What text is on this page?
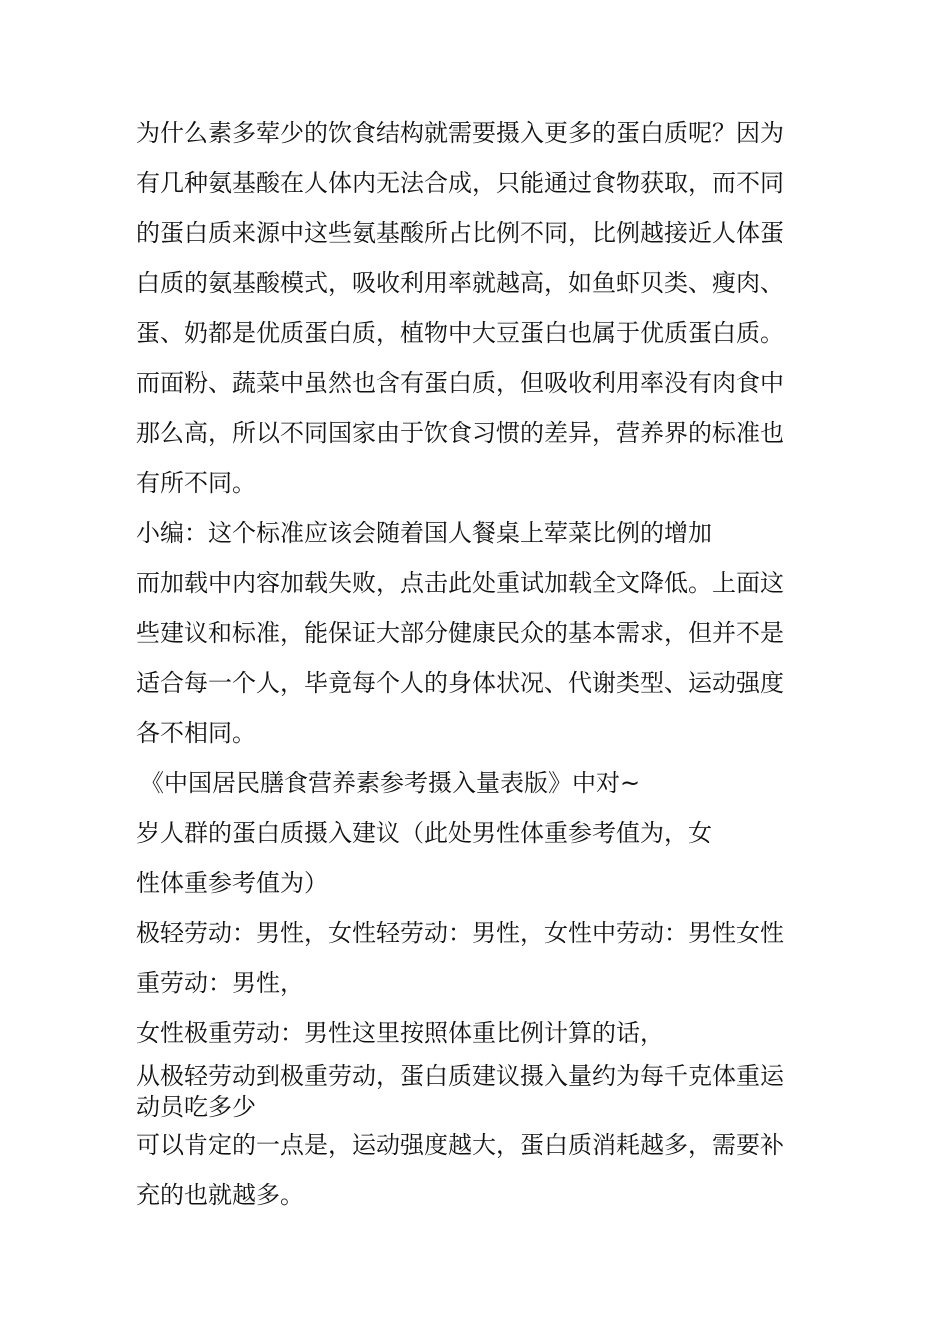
为什么素多荤少的饮食结构就需要摄入更多的蛋白质呢？因为
有几种氨基酸在人体内无法合成，只能通过食物获取，而不同
的蛋白质来源中这些氨基酸所占比例不同，比例越接近人体蛋
白质的氨基酸模式，吸收利用率就越高，如鱼虾贝类、瘦肉、
蛋、奶都是优质蛋白质，植物中大豆蛋白也属于优质蛋白质。
而面粉、蔬菜中虽然也含有蛋白质，但吸收利用率没有肉食中
那么高，所以不同国家由于饮食习惯的差异，营养界的标准也
有所不同。

小编：这个标准应该会随着国人餐桌上荤菜比例的增加

而加载中内容加载失败，点击此处重试加载全文降低。上面这
些建议和标准，能保证大部分健康民众的基本需求，但并不是
适合每一个人，毕竟每个人的身体状况、代谢类型、运动强度
各不相同。

《中国居民膳食营养素参考摄入量表版》中对~

岁人群的蛋白质摄入建议（此处男性体重参考值为，女
性体重参考值为）

极轻劳动：男性，女性轻劳动：男性，女性中劳动：男性女性
重劳动：男性，

女性极重劳动：男性这里按照体重比例计算的话，

从极轻劳动到极重劳动，蛋白质建议摄入量约为每千克体重运
动员吃多少

可以肯定的一点是，运动强度越大，蛋白质消耗越多，需要补
充的也就越多。
